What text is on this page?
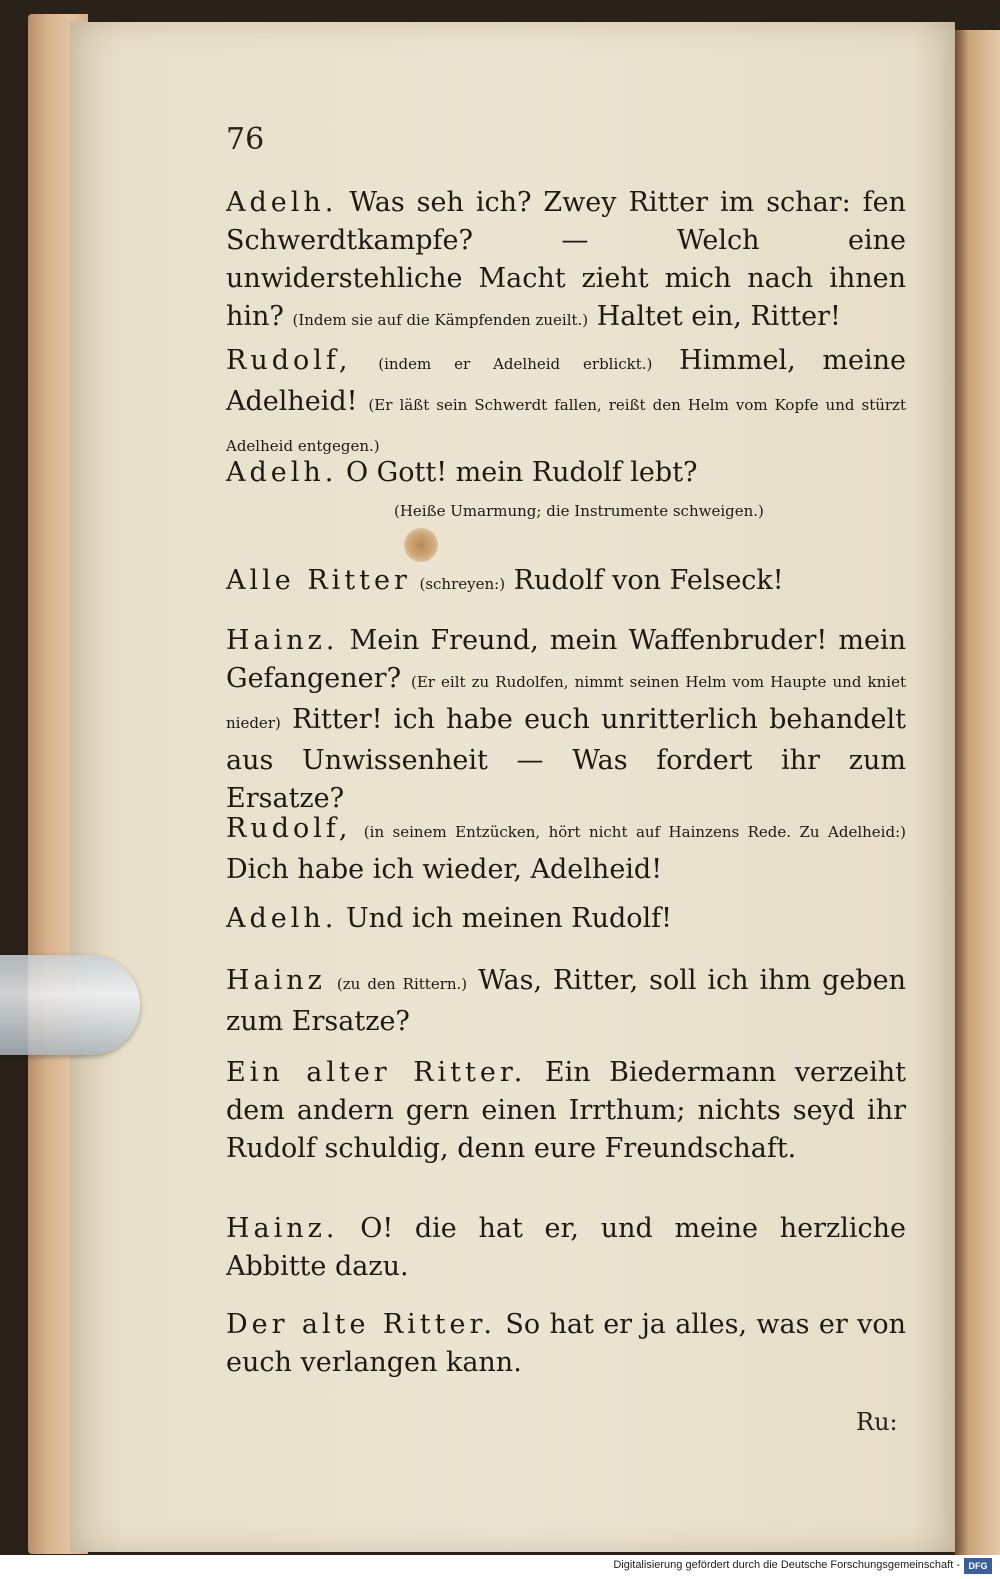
76
Adelh. Was seh ich? Zwey Ritter im schar: fen Schwerdtkampfe? — Welch eine unwiderstehliche Macht zieht mich nach ihnen hin? (Indem sie auf die Kämpfenden zueilt.) Haltet ein, Ritter!
Rudolf, (indem er Adelheid erblickt.) Himmel, meine Adelheid! (Er läßt sein Schwerdt fallen, reißt den Helm vom Kopfe und stürzt Adelheid entgegen.)
Adelh. O Gott! mein Rudolf lebt?
(Heiße Umarmung; die Instrumente schweigen.)
Alle Ritter (schreyen:) Rudolf von Felseck!
Hainz. Mein Freund, mein Waffenbruder! mein Gefangener? (Er eilt zu Rudolfen, nimmt seinen Helm vom Haupte und kniet nieder) Ritter! ich habe euch unritterlich behandelt aus Unwissenheit — Was fordert ihr zum Ersatze?
Rudolf, (in seinem Entzücken, hört nicht auf Hainzens Rede. Zu Adelheid:) Dich habe ich wieder, Adelheid!
Adelh. Und ich meinen Rudolf!
Hainz (zu den Rittern.) Was, Ritter, soll ich ihm geben zum Ersatze?
Ein alter Ritter. Ein Biedermann verzeiht dem andern gern einen Irrthum; nichts seyd ihr Rudolf schuldig, denn eure Freundschaft.
Hainz. O! die hat er, und meine herzliche Abbitte dazu.
Der alte Ritter. So hat er ja alles, was er von euch verlangen kann.
Ru:
Digitalisierung gefördert durch die Deutsche Forschungsgemeinschaft - DFG
